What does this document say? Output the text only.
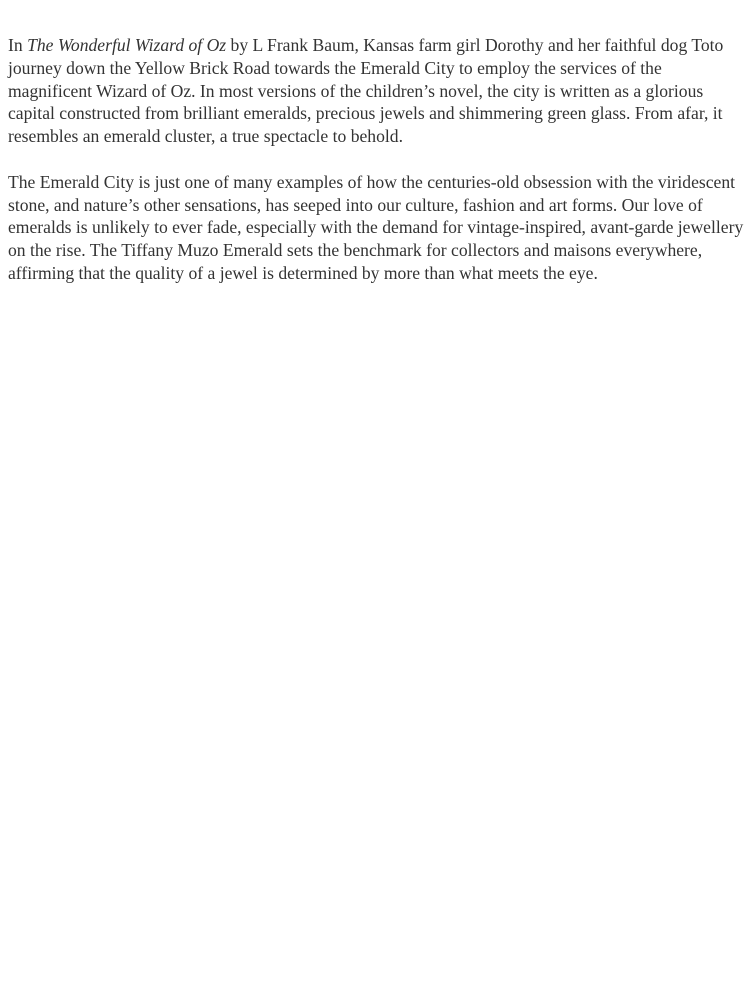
In The Wonderful Wizard of Oz by L Frank Baum, Kansas farm girl Dorothy and her faithful dog Toto journey down the Yellow Brick Road towards the Emerald City to employ the services of the magnificent Wizard of Oz. In most versions of the children’s novel, the city is written as a glorious capital constructed from brilliant emeralds, precious jewels and shimmering green glass. From afar, it resembles an emerald cluster, a true spectacle to behold.

The Emerald City is just one of many examples of how the centuries-old obsession with the viridescent stone, and nature’s other sensations, has seeped into our culture, fashion and art forms. Our love of emeralds is unlikely to ever fade, especially with the demand for vintage-inspired, avant-garde jewellery on the rise. The Tiffany Muzo Emerald sets the benchmark for collectors and maisons everywhere, affirming that the quality of a jewel is determined by more than what meets the eye.
